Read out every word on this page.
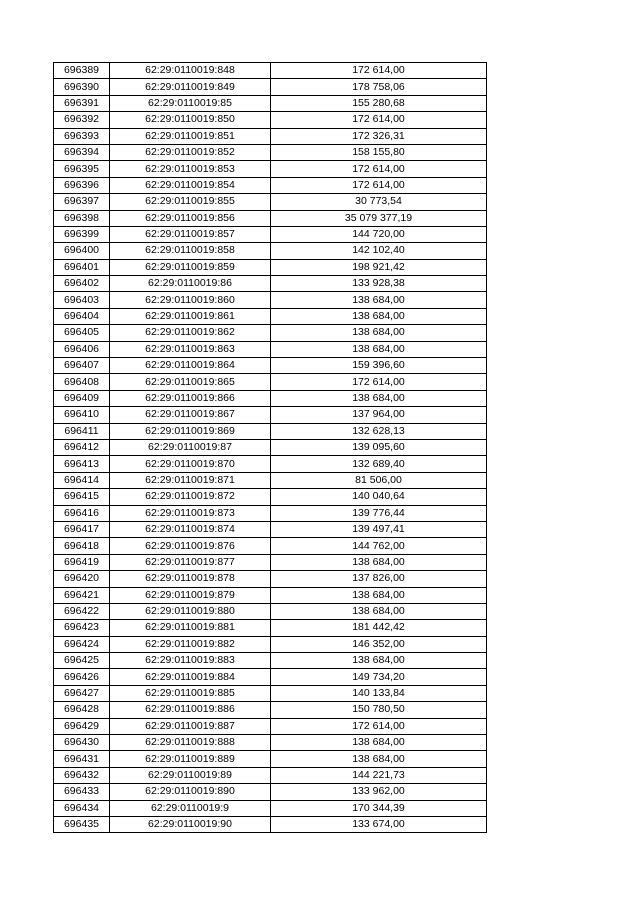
696389	62:29:0110019:848	172 614,00
696390	62:29:0110019:849	178 758,06
696391	62:29:0110019:85	155 280,68
696392	62:29:0110019:850	172 614,00
696393	62:29:0110019:851	172 326,31
696394	62:29:0110019:852	158 155,80
696395	62:29:0110019:853	172 614,00
696396	62:29:0110019:854	172 614,00
696397	62:29:0110019:855	30 773,54
696398	62:29:0110019:856	35 079 377,19
696399	62:29:0110019:857	144 720,00
696400	62:29:0110019:858	142 102,40
696401	62:29:0110019:859	198 921,42
696402	62:29:0110019:86	133 928,38
696403	62:29:0110019:860	138 684,00
696404	62:29:0110019:861	138 684,00
696405	62:29:0110019:862	138 684,00
696406	62:29:0110019:863	138 684,00
696407	62:29:0110019:864	159 396,60
696408	62:29:0110019:865	172 614,00
696409	62:29:0110019:866	138 684,00
696410	62:29:0110019:867	137 964,00
696411	62:29:0110019:869	132 628,13
696412	62:29:0110019:87	139 095,60
696413	62:29:0110019:870	132 689,40
696414	62:29:0110019:871	81 506,00
696415	62:29:0110019:872	140 040,64
696416	62:29:0110019:873	139 776,44
696417	62:29:0110019:874	139 497,41
696418	62:29:0110019:876	144 762,00
696419	62:29:0110019:877	138 684,00
696420	62:29:0110019:878	137 826,00
696421	62:29:0110019:879	138 684,00
696422	62:29:0110019:880	138 684,00
696423	62:29:0110019:881	181 442,42
696424	62:29:0110019:882	146 352,00
696425	62:29:0110019:883	138 684,00
696426	62:29:0110019:884	149 734,20
696427	62:29:0110019:885	140 133,84
696428	62:29:0110019:886	150 780,50
696429	62:29:0110019:887	172 614,00
696430	62:29:0110019:888	138 684,00
696431	62:29:0110019:889	138 684,00
696432	62:29:0110019:89	144 221,73
696433	62:29:0110019:890	133 962,00
696434	62:29:0110019:9	170 344,39
696435	62:29:0110019:90	133 674,00
